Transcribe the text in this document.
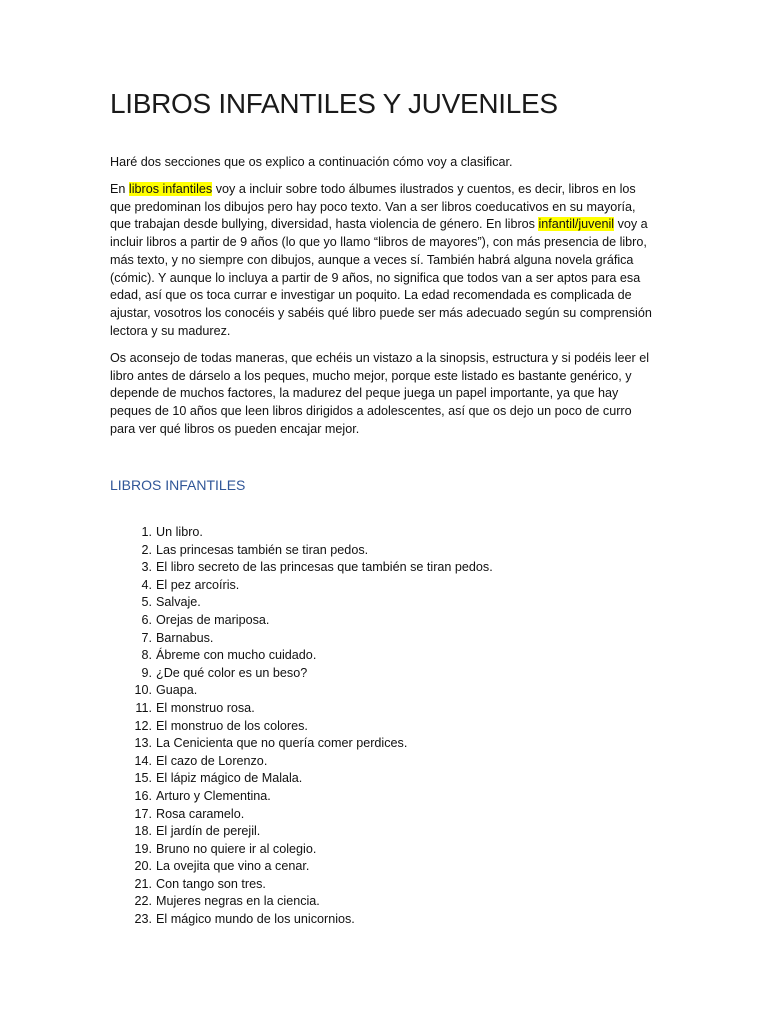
LIBROS INFANTILES Y JUVENILES

Haré dos secciones que os explico a continuación cómo voy a clasificar.

En libros infantiles voy a incluir sobre todo álbumes ilustrados y cuentos, es decir, libros en los que predominan los dibujos pero hay poco texto. Van a ser libros coeducativos en su mayoría, que trabajan desde bullying, diversidad, hasta violencia de género. En libros infantil/juvenil voy a incluir libros a partir de 9 años (lo que yo llamo “libros de mayores”), con más presencia de libro, más texto, y no siempre con dibujos, aunque a veces sí. También habrá alguna novela gráfica (cómic). Y aunque lo incluya a partir de 9 años, no significa que todos van a ser aptos para esa edad, así que os toca currar e investigar un poquito. La edad recomendada es complicada de ajustar, vosotros los conocéis y sabéis qué libro puede ser más adecuado según su comprensión lectora y su madurez.

Os aconsejo de todas maneras, que echéis un vistazo a la sinopsis, estructura y si podéis leer el libro antes de dárselo a los peques, mucho mejor, porque este listado es bastante genérico, y depende de muchos factores, la madurez del peque juega un papel importante, ya que hay peques de 10 años que leen libros dirigidos a adolescentes, así que os dejo un poco de curro para ver qué libros os pueden encajar mejor.

LIBROS INFANTILES
1. Un libro.
2. Las princesas también se tiran pedos.
3. El libro secreto de las princesas que también se tiran pedos.
4. El pez arcoíris.
5. Salvaje.
6. Orejas de mariposa.
7. Barnabus.
8. Ábreme con mucho cuidado.
9. ¿De qué color es un beso?
10. Guapa.
11. El monstruo rosa.
12. El monstruo de los colores.
13. La Cenicienta que no quería comer perdices.
14. El cazo de Lorenzo.
15. El lápiz mágico de Malala.
16. Arturo y Clementina.
17. Rosa caramelo.
18. El jardín de perejil.
19. Bruno no quiere ir al colegio.
20. La ovejita que vino a cenar.
21. Con tango son tres.
22. Mujeres negras en la ciencia.
23. El mágico mundo de los unicornios.
